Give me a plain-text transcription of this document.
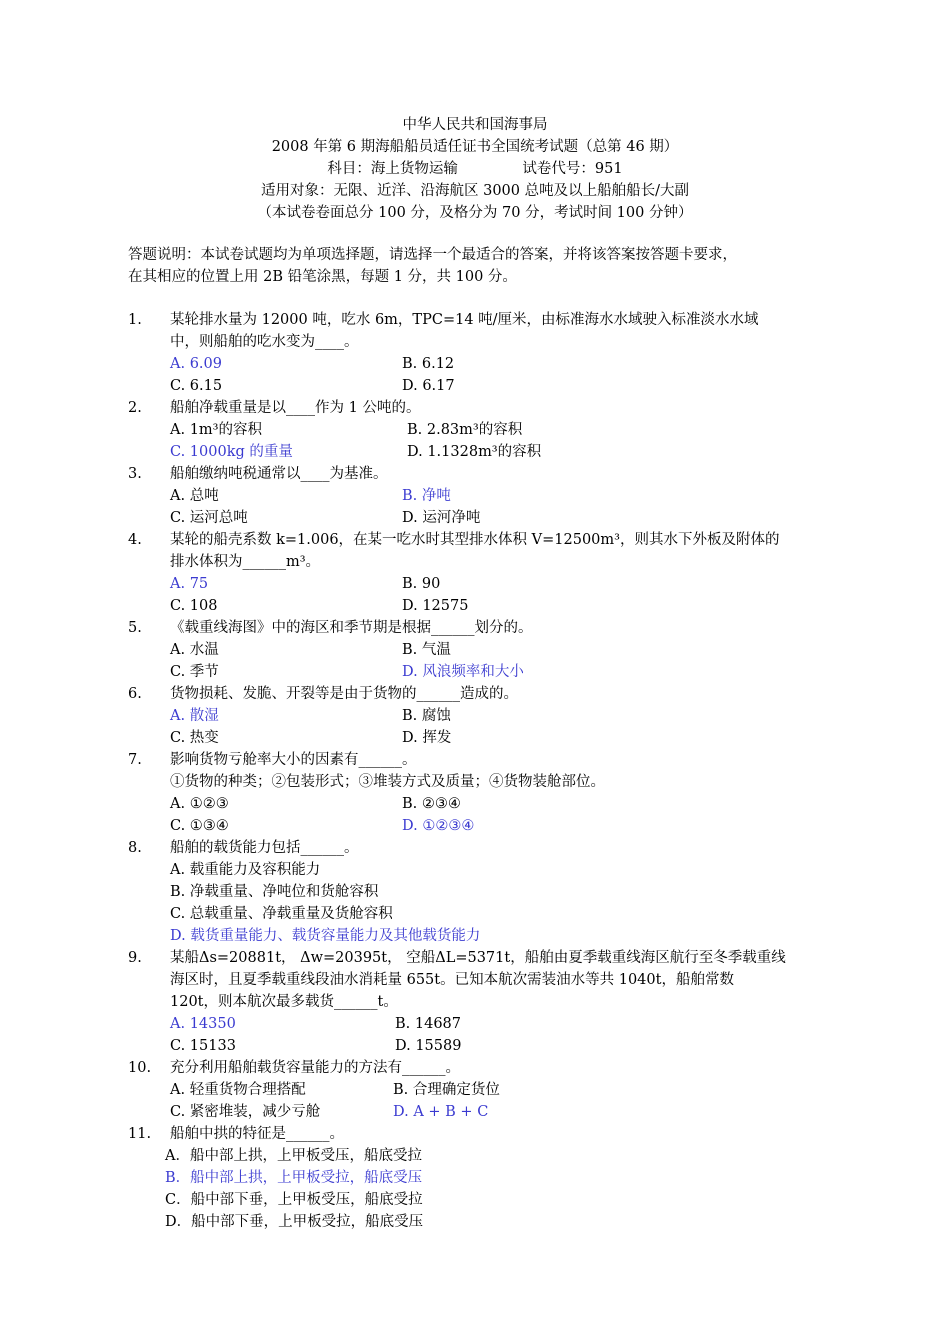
中华人民共和国海事局
2008 年第 6 期海船船员适任证书全国统考试题（总第 46 期）
科目：海上货物运输              试卷代号：951
适用对象：无限、近洋、沿海航区 3000 总吨及以上船舶船长/大副
（本试卷卷面总分 100 分，及格分为 70 分，考试时间 100 分钟）
答题说明：本试卷试题均为单项选择题，请选择一个最适合的答案，并将该答案按答题卡要求，
在其相应的位置上用 2B 铅笔涂黑，每题 1 分，共 100 分。
1. 某轮排水量为 12000 吨，吃水 6m，TPC=14 吨/厘米，由标准海水水域驶入标准淡水水域
中，则船舶的吃水变为____。
A. 6.09	B. 6.12
C. 6.15	D. 6.17
2. 船舶净载重量是以____作为 1 公吨的。
A. 1m³的容积	B. 2.83m³的容积
C. 1000kg 的重量	D. 1.1328m³的容积
3. 船舶缴纳吨税通常以____为基准。
A. 总吨	B. 净吨
C. 运河总吨	D. 运河净吨
4. 某轮的船壳系数 k=1.006，在某一吃水时其型排水体积 V=12500m³，则其水下外板及附体的
排水体积为______m³。
A. 75	B. 90
C. 108	D. 12575
5. 《载重线海图》中的海区和季节期是根据______划分的。
A. 水温	B. 气温
C. 季节	D. 风浪频率和大小
6. 货物损耗、发脆、开裂等是由于货物的______造成的。
A. 散湿	B. 腐蚀
C. 热变	D. 挥发
7. 影响货物亏舱率大小的因素有______。
①货物的种类；②包装形式；③堆装方式及质量；④货物装舱部位。
A. ①②③	B. ②③④
C. ①③④	D. ①②③④
8. 船舶的载货能力包括______。
A. 载重能力及容积能力
B. 净载重量、净吨位和货舱容积
C. 总载重量、净载重量及货舱容积
D. 载货重量能力、载货容量能力及其他载货能力
9. 某船Δs=20881t， Δw=20395t， 空船ΔL=5371t，船舶由夏季载重线海区航行至冬季载重线
海区时，且夏季载重线段油水消耗量 655t。已知本航次需装油水等共 1040t，船舶常数
120t，则本航次最多载货______t。
A. 14350	B. 14687
C. 15133	D. 15589
10. 充分利用船舶载货容量能力的方法有______。
A. 轻重货物合理搭配	B. 合理确定货位
C. 紧密堆装，减少亏舱	D. A + B + C
11. 船舶中拱的特征是______。
A．船中部上拱，上甲板受压，船底受拉
B．船中部上拱，上甲板受拉，船底受压
C．船中部下垂，上甲板受压，船底受拉
D．船中部下垂，上甲板受拉，船底受压
